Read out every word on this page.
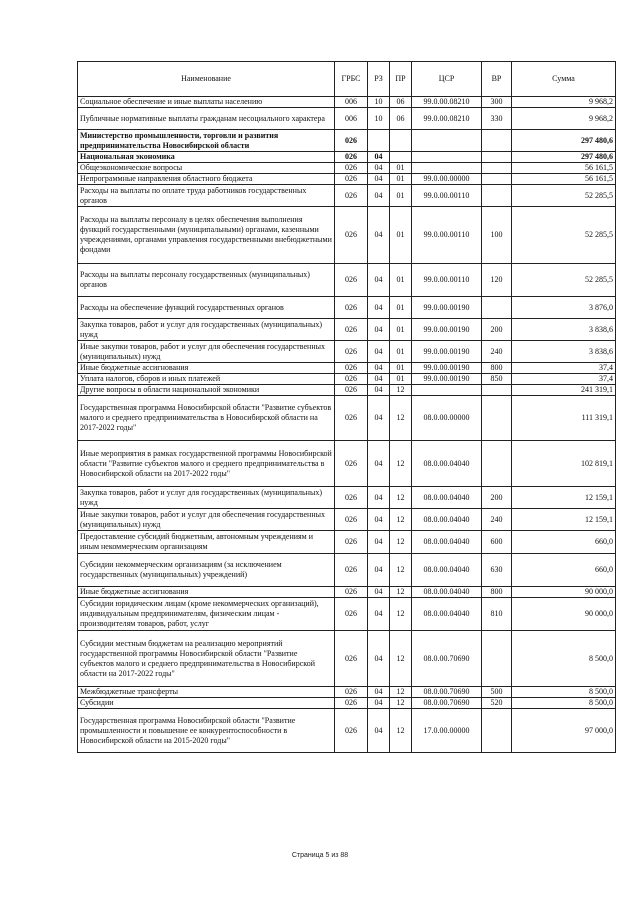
Наименование	ГРБС	РЗ	ПР	ЦСР	ВР	Сумма
Социальное обеспечение и иные выплаты населению	006	10	06	99.0.00.08210	300	9 968,2
Публичные нормативные выплаты гражданам несоциального характера	006	10	06	99.0.00.08210	330	9 968,2
Министерство промышленности, торговли и развития предпринимательства Новосибирской области	026					297 480,6
Национальная экономика	026	04				297 480,6
Общеэкономические вопросы	026	04	01			56 161,5
Непрограммные направления областного бюджета	026	04	01	99.0.00.00000		56 161,5
Расходы на выплаты по оплате труда работников государственных органов	026	04	01	99.0.00.00110		52 285,5
Расходы на выплаты персоналу в целях обеспечения выполнения функций государственными (муниципальными) органами, казенными учреждениями, органами управления государственными внебюджетными фондами	026	04	01	99.0.00.00110	100	52 285,5
Расходы на выплаты персоналу государственных (муниципальных) органов	026	04	01	99.0.00.00110	120	52 285,5
Расходы на обеспечение функций государственных органов	026	04	01	99.0.00.00190		3 876,0
Закупка товаров, работ и услуг для государственных (муниципальных) нужд	026	04	01	99.0.00.00190	200	3 838,6
Иные закупки товаров, работ и услуг для обеспечения государственных (муниципальных) нужд	026	04	01	99.0.00.00190	240	3 838,6
Иные бюджетные ассигнования	026	04	01	99.0.00.00190	800	37,4
Уплата налогов, сборов и иных платежей	026	04	01	99.0.00.00190	850	37,4
Другие вопросы в области национальной экономики	026	04	12			241 319,1
Государственная программа Новосибирской области "Развитие субъектов малого и среднего предпринимательства в Новосибирской области на 2017-2022 годы"	026	04	12	08.0.00.00000		111 319,1
Иные мероприятия в рамках государственной программы Новосибирской области "Развитие субъектов малого и среднего предпринимательства в Новосибирской области на 2017-2022 годы"	026	04	12	08.0.00.04040		102 819,1
Закупка товаров, работ и услуг для государственных (муниципальных) нужд	026	04	12	08.0.00.04040	200	12 159,1
Иные закупки товаров, работ и услуг для обеспечения государственных (муниципальных) нужд	026	04	12	08.0.00.04040	240	12 159,1
Предоставление субсидий бюджетным, автономным учреждениям и иным некоммерческим организациям	026	04	12	08.0.00.04040	600	660,0
Субсидии некоммерческим организациям (за исключением государственных (муниципальных) учреждений)	026	04	12	08.0.00.04040	630	660,0
Иные бюджетные ассигнования	026	04	12	08.0.00.04040	800	90 000,0
Субсидии юридическим лицам (кроме некоммерческих организаций), индивидуальным предпринимателям, физическим лицам - производителям товаров, работ, услуг	026	04	12	08.0.00.04040	810	90 000,0
Субсидии местным бюджетам на реализацию мероприятий государственной программы Новосибирской области "Развитие субъектов малого и среднего предпринимательства в Новосибирской области на 2017-2022 годы"	026	04	12	08.0.00.70690		8 500,0
Межбюджетные трансферты	026	04	12	08.0.00.70690	500	8 500,0
Субсидии	026	04	12	08.0.00.70690	520	8 500,0
Государственная программа Новосибирской области "Развитие промышленности и повышение ее конкурентоспособности в Новосибирской области на 2015-2020 годы"	026	04	12	17.0.00.00000		97 000,0
Страница 5 из 88
